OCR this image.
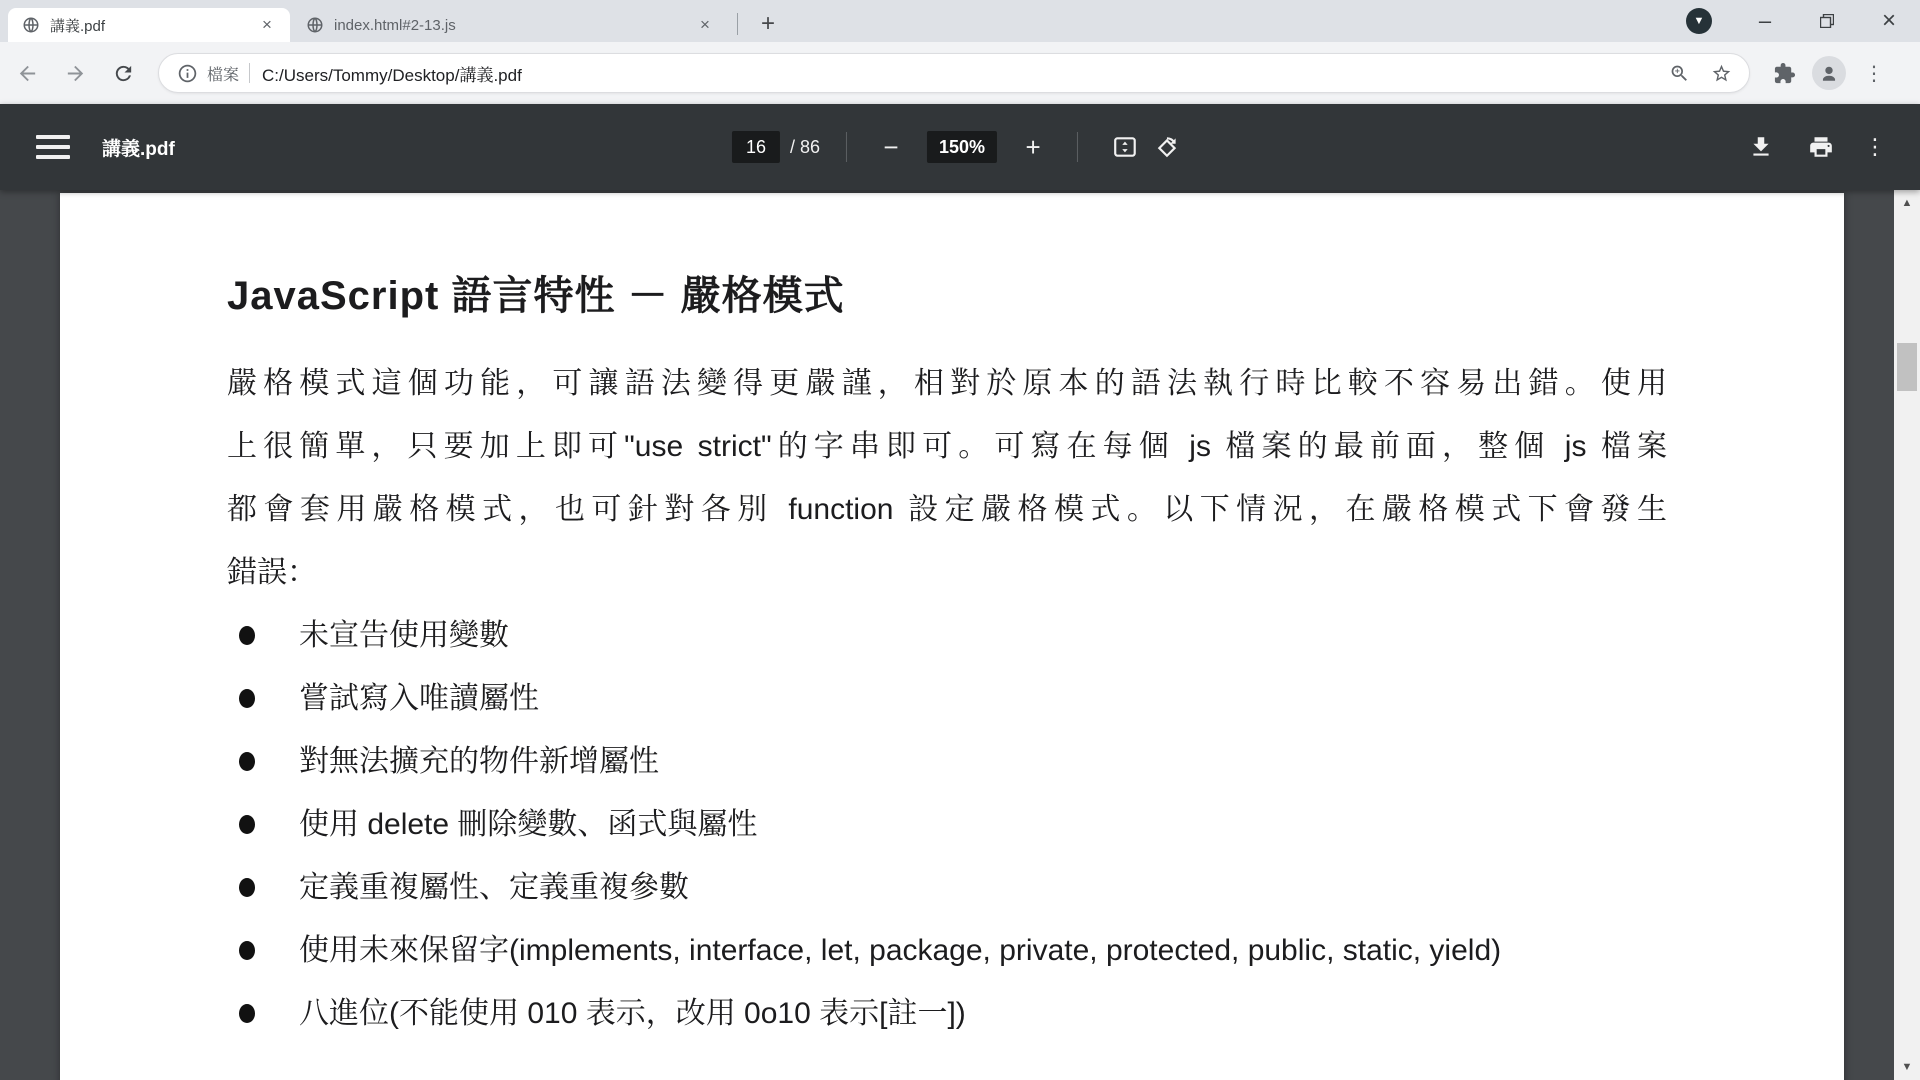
講義.pdf	×	index.html#2-13.js	×	+	▼ –	×
檔案 C:/Users/Tommy/Desktop/講義.pdf	⋮
講義.pdf	16	/ 86	−	150%	+	⋮
JavaScript 語言特性 － 嚴格模式
嚴格模式這個功能，可讓語法變得更嚴謹，相對於原本的語法執行時比較不容易出錯。使用
上很簡單，只要加上即可"use strict"的字串即可。可寫在每個 js 檔案的最前面，整個 js 檔案
都會套用嚴格模式，也可針對各別 function 設定嚴格模式。以下情況，在嚴格模式下會發生
錯誤：
未宣告使用變數
嘗試寫入唯讀屬性
對無法擴充的物件新增屬性
使用 delete 刪除變數、函式與屬性
定義重複屬性、定義重複參數
使用未來保留字(implements, interface, let, package, private, protected, public, static, yield)
八進位(不能使用 010 表示，改用 0o10 表示[註一])
▲
▼
